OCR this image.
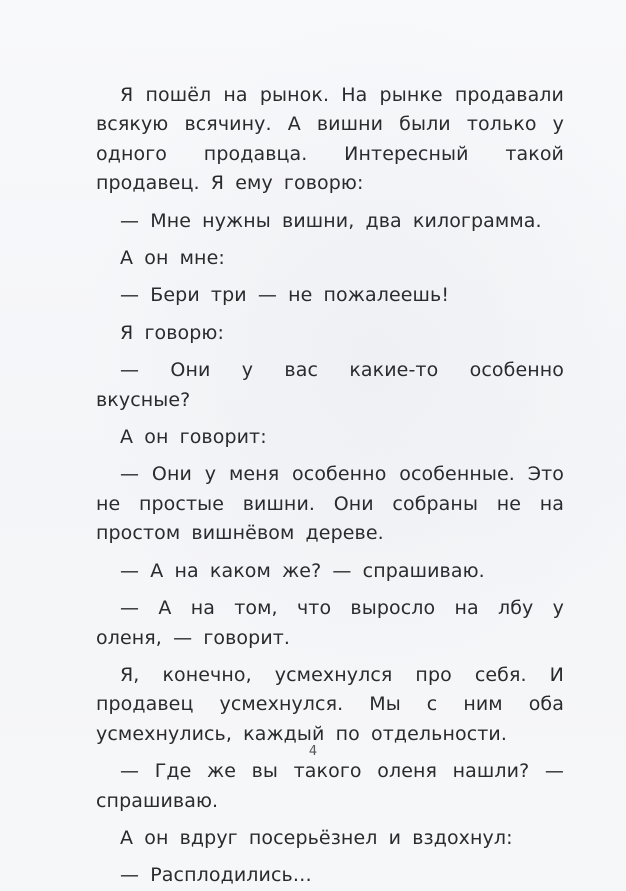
Я пошёл на рынок. На рынке продавали всякую всячину. А вишни были только у одного продавца. Интересный такой продавец. Я ему говорю:

— Мне нужны вишни, два килограмма.

А он мне:

— Бери три — не пожалеешь!

Я говорю:

— Они у вас какие-то особенно вкусные?

А он говорит:

— Они у меня особенно особенные. Это не простые вишни. Они собраны не на простом вишнёвом дереве.

— А на каком же? — спрашиваю.

— А на том, что выросло на лбу у оленя, — говорит.

Я, конечно, усмехнулся про себя. И продавец усмехнулся. Мы с ним оба усмехнулись, каждый по отдельности.

— Где же вы такого оленя нашли? — спрашиваю.

А он вдруг посерьёзнел и вздохнул:

— Расплодились…

4
